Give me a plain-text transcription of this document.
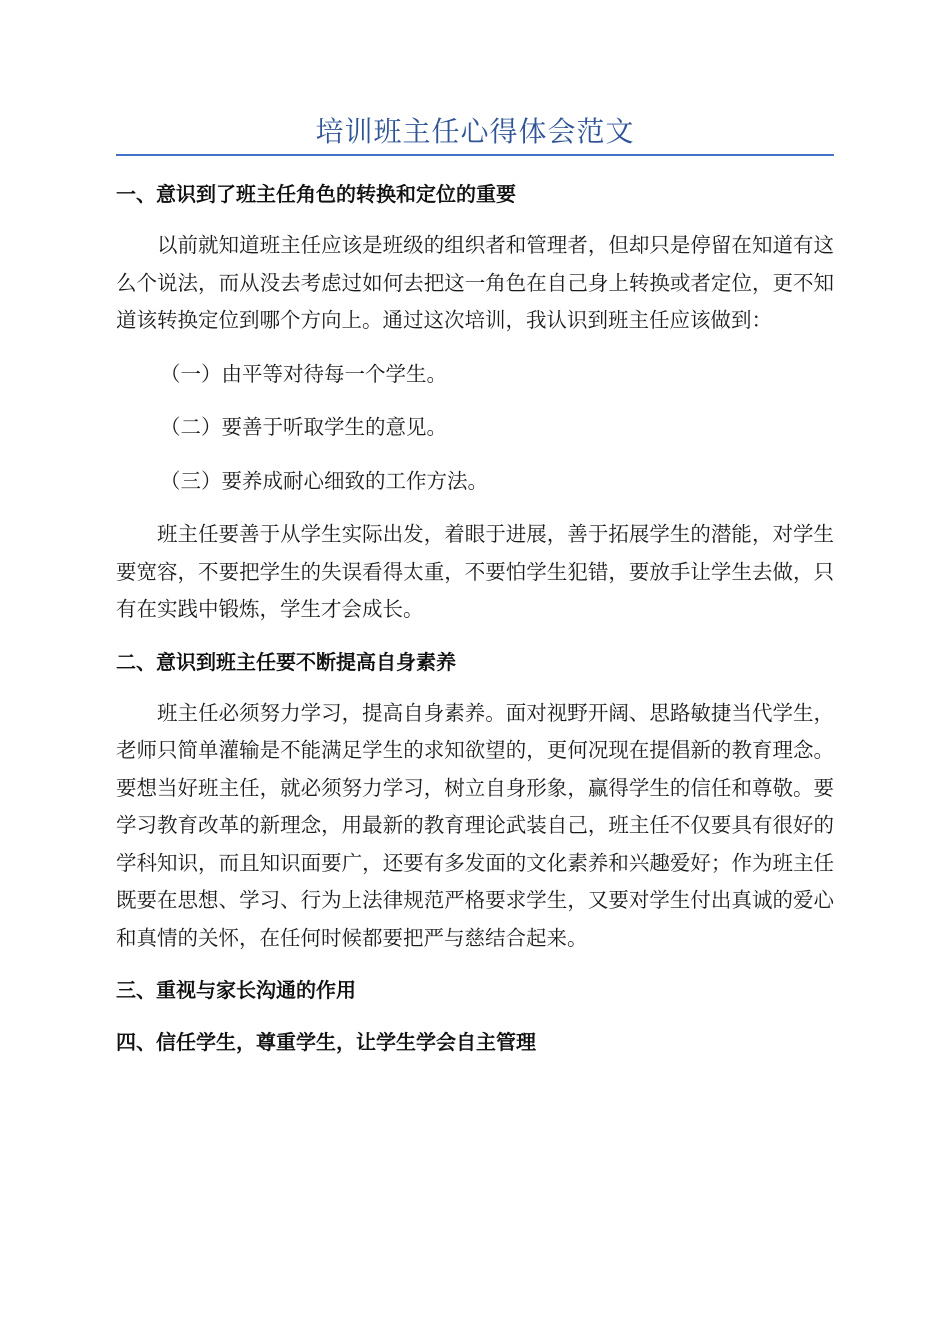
培训班主任心得体会范文

一、意识到了班主任角色的转换和定位的重要

以前就知道班主任应该是班级的组织者和管理者，但却只是停留在知道有这么个说法，而从没去考虑过如何去把这一角色在自己身上转换或者定位，更不知道该转换定位到哪个方向上。通过这次培训，我认识到班主任应该做到：

（一）由平等对待每一个学生。

（二）要善于听取学生的意见。

（三）要养成耐心细致的工作方法。

班主任要善于从学生实际出发，着眼于进展，善于拓展学生的潜能，对学生要宽容，不要把学生的失误看得太重，不要怕学生犯错，要放手让学生去做，只有在实践中锻炼，学生才会成长。

二、意识到班主任要不断提高自身素养

班主任必须努力学习，提高自身素养。面对视野开阔、思路敏捷当代学生，老师只简单灌输是不能满足学生的求知欲望的，更何况现在提倡新的教育理念。要想当好班主任，就必须努力学习，树立自身形象，赢得学生的信任和尊敬。要学习教育改革的新理念，用最新的教育理论武装自己，班主任不仅要具有很好的学科知识，而且知识面要广，还要有多发面的文化素养和兴趣爱好；作为班主任既要在思想、学习、行为上法律规范严格要求学生，又要对学生付出真诚的爱心和真情的关怀，在任何时候都要把严与慈结合起来。

三、重视与家长沟通的作用

四、信任学生，尊重学生，让学生学会自主管理
